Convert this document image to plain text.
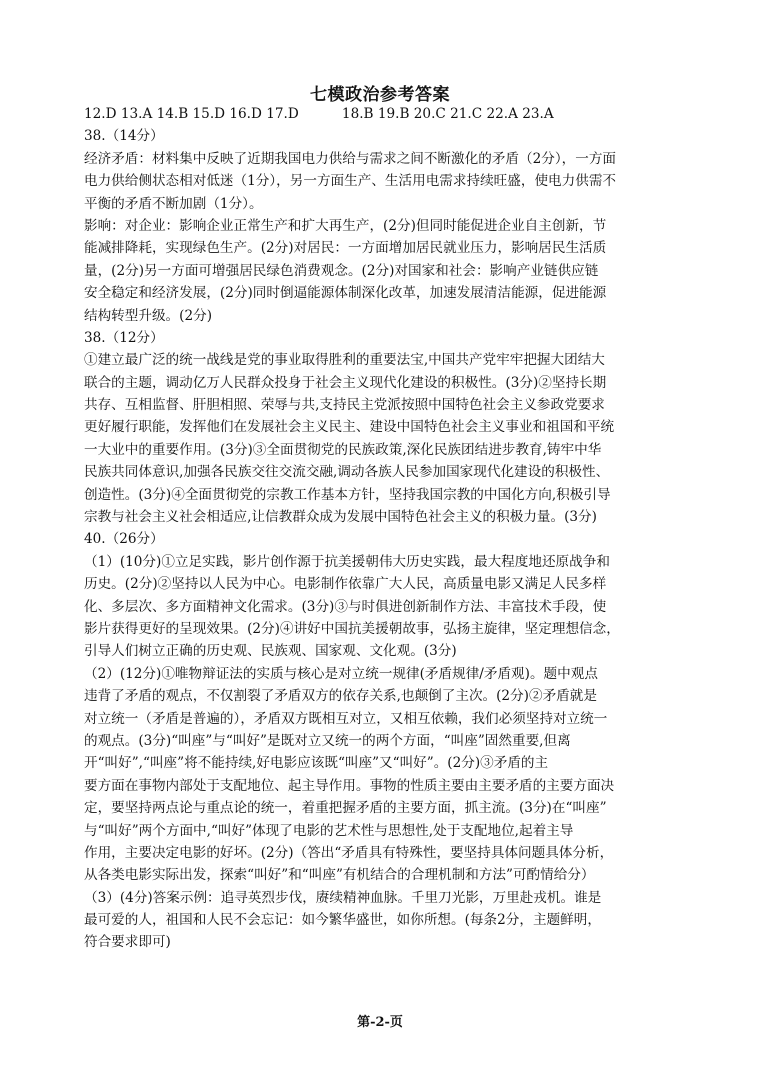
七模政治参考答案
12.D 13.A 14.B 15.D 16.D 17.D          18.B 19.B 20.C 21.C 22.A 23.A
38.（14分）
经济矛盾：材料集中反映了近期我国电力供给与需求之间不断激化的矛盾（2分），一方面
电力供给侧状态相对低迷（1分），另一方面生产、生活用电需求持续旺盛，使电力供需不
平衡的矛盾不断加剧（1分）。
影响：对企业：影响企业正常生产和扩大再生产，(2分)但同时能促进企业自主创新，节
能减排降耗，实现绿色生产。(2分)对居民：一方面增加居民就业压力，影响居民生活质
量，(2分)另一方面可增强居民绿色消费观念。(2分)对国家和社会：影响产业链供应链
安全稳定和经济发展，(2分)同时倒逼能源体制深化改革，加速发展清洁能源，促进能源
结构转型升级。(2分)
38.（12分）
①建立最广泛的统一战线是党的事业取得胜利的重要法宝,中国共产党牢牢把握大团结大
联合的主题，调动亿万人民群众投身于社会主义现代化建设的积极性。(3分)②坚持长期
共存、互相监督、肝胆相照、荣辱与共,支持民主党派按照中国特色社会主义参政党要求
更好履行职能，发挥他们在发展社会主义民主、建设中国特色社会主义事业和祖国和平统
一大业中的重要作用。(3分)③全面贯彻党的民族政策,深化民族团结进步教育,铸牢中华
民族共同体意识,加强各民族交往交流交融,调动各族人民参加国家现代化建设的积极性、
创造性。(3分)④全面贯彻党的宗教工作基本方针，坚持我国宗教的中国化方向,积极引导
宗教与社会主义社会相适应,让信教群众成为发展中国特色社会主义的积极力量。(3分)
40.（26分）
（1）(10分)①立足实践，影片创作源于抗美援朝伟大历史实践，最大程度地还原战争和
历史。(2分)②坚持以人民为中心。电影制作依靠广大人民，高质量电影又满足人民多样
化、多层次、多方面精神文化需求。(3分)③与时俱进创新制作方法、丰富技术手段，使
影片获得更好的呈现效果。(2分)④讲好中国抗美援朝故事，弘扬主旋律，坚定理想信念，
引导人们树立正确的历史观、民族观、国家观、文化观。(3分)
（2）(12分)①唯物辩证法的实质与核心是对立统一规律(矛盾规律/矛盾观)。题中观点
违背了矛盾的观点，不仅割裂了矛盾双方的依存关系,也颠倒了主次。(2分)②矛盾就是
对立统一（矛盾是普遍的），矛盾双方既相互对立，又相互依赖，我们必须坚持对立统一
的观点。(3分)“叫座”与“叫好”是既对立又统一的两个方面，“叫座”固然重要,但离
开“叫好”,“叫座”将不能持续,好电影应该既“叫座”又“叫好”。(2分)③矛盾的主
要方面在事物内部处于支配地位、起主导作用。事物的性质主要由主要矛盾的主要方面决
定，要坚持两点论与重点论的统一，着重把握矛盾的主要方面，抓主流。(3分)在“叫座”
与“叫好”两个方面中,“叫好”体现了电影的艺术性与思想性,处于支配地位,起着主导
作用，主要决定电影的好坏。(2分)（答出“矛盾具有特殊性，要坚持具体问题具体分析，
从各类电影实际出发，探索“叫好”和“叫座”有机结合的合理机制和方法”可酌情给分）
（3）(4分)答案示例：追寻英烈步伐，赓续精神血脉。千里刀光影，万里赴戎机。谁是
最可爱的人，祖国和人民不会忘记：如今繁华盛世，如你所想。(每条2分，主题鲜明，
符合要求即可)
第-2-页
